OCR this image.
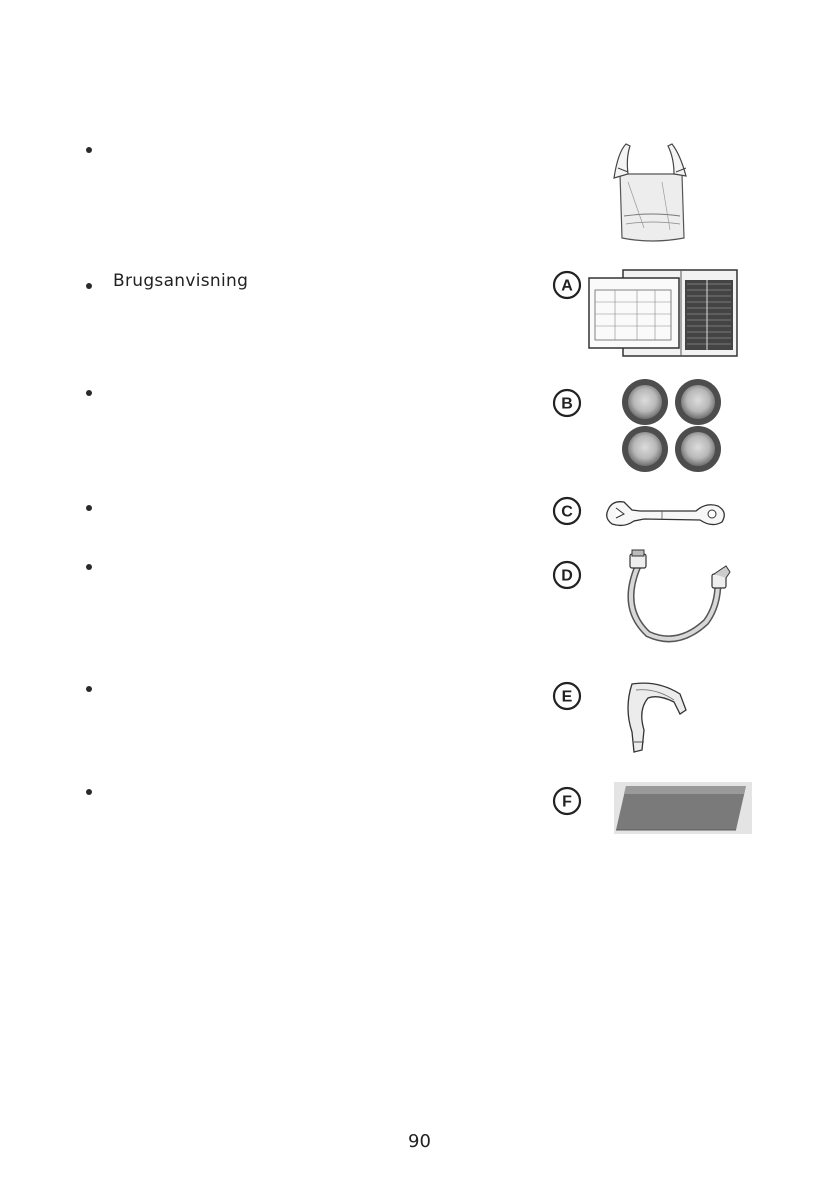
Brugsanvisning	A
B
C
D
E
F
90
